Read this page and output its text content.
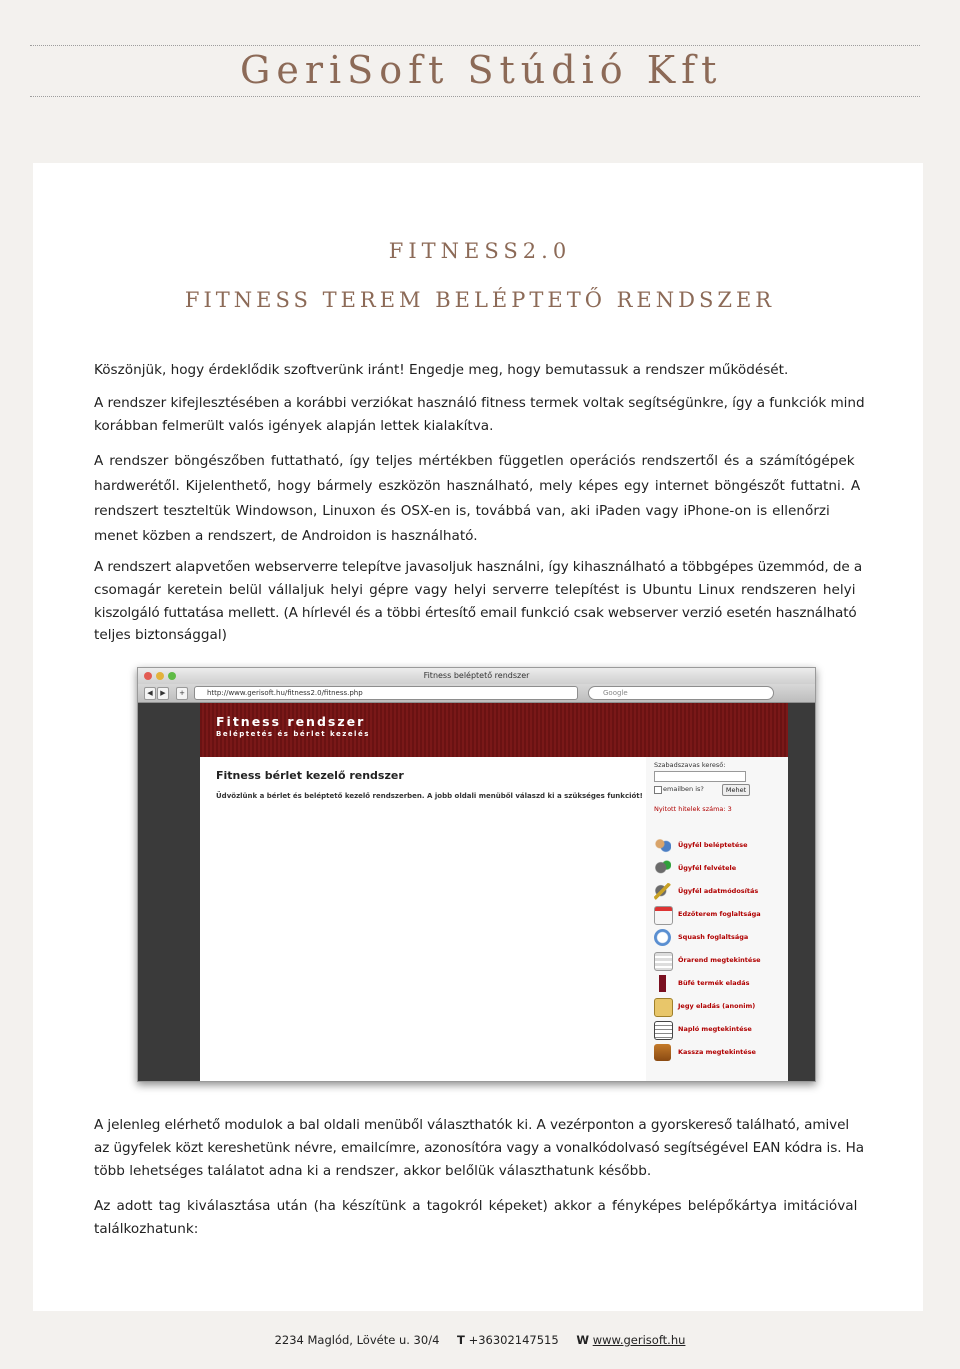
GeriSoft Stúdió Kft
FITNESS2.0
FITNESS TEREM BELÉPTETŐ RENDSZER
Köszönjük, hogy érdeklődik szoftverünk iránt! Engedje meg, hogy bemutassuk a rendszer működését.
A rendszer kifejlesztésében a korábbi verziókat használó fitness termek voltak segítségünkre, így a funkciók mind
korábban felmerült valós igények alapján lettek kialakítva.
A rendszer böngészőben futtatható, így teljes mértékben független operációs rendszertől és a számítógépek
hardwerétől. Kijelenthető, hogy bármely eszközön használható, mely képes egy internet böngészőt futtatni. A
rendszert teszteltük Windowson, Linuxon és OSX-en is, továbbá van, aki iPaden vagy iPhone-on is ellenőrzi
menet közben a rendszert, de Androidon is használható.
A rendszert alapvetően webserverre telepítve javasoljuk használni, így kihasználható a többgépes üzemmód, de a
csomagár keretein belül vállaljuk helyi gépre vagy helyi serverre telepítést is Ubuntu Linux rendszeren helyi
kiszolgáló futtatása mellett. (A hírlevél és a többi értesítő email funkció csak webserver verzió esetén használható
teljes biztonsággal)
Fitness beléptető rendszer
◀	▶	+	http://www.gerisoft.hu/fitness2.0/fitness.php	Google
Fitness rendszer
Beléptetés és bérlet kezelés
Fitness bérlet kezelő rendszer
Üdvözlünk a bérlet és beléptető kezelő rendszerben. A jobb oldali menüből válaszd ki a szükséges funkciót!
Szabadszavas kereső:
emailben is?	Mehet
Nyitott hitelek száma: 3
Ügyfél beléptetése
Ügyfél felvétele
Ügyfél adatmódosítás
Edzőterem foglaltsága
Squash foglaltsága
Órarend megtekintése
Büfé termék eladás
Jegy eladás (anonim)
Napló megtekintése
Kassza megtekintése
A jelenleg elérhető modulok a bal oldali menüből választhatók ki. A vezérponton a gyorskereső található, amivel
az ügyfelek közt kereshetünk névre, emailcímre, azonosítóra vagy a vonalkódolvasó segítségével EAN kódra is. Ha
több lehetséges találatot adna ki a rendszer, akkor belőlük választhatunk később.
Az adott tag kiválasztása után (ha készítünk a tagokról képeket) akkor a fényképes belépőkártya imitációval
találkozhatunk:
2234 Maglód, Lövéte u. 30/4 T +36302147515 W www.gerisoft.hu
